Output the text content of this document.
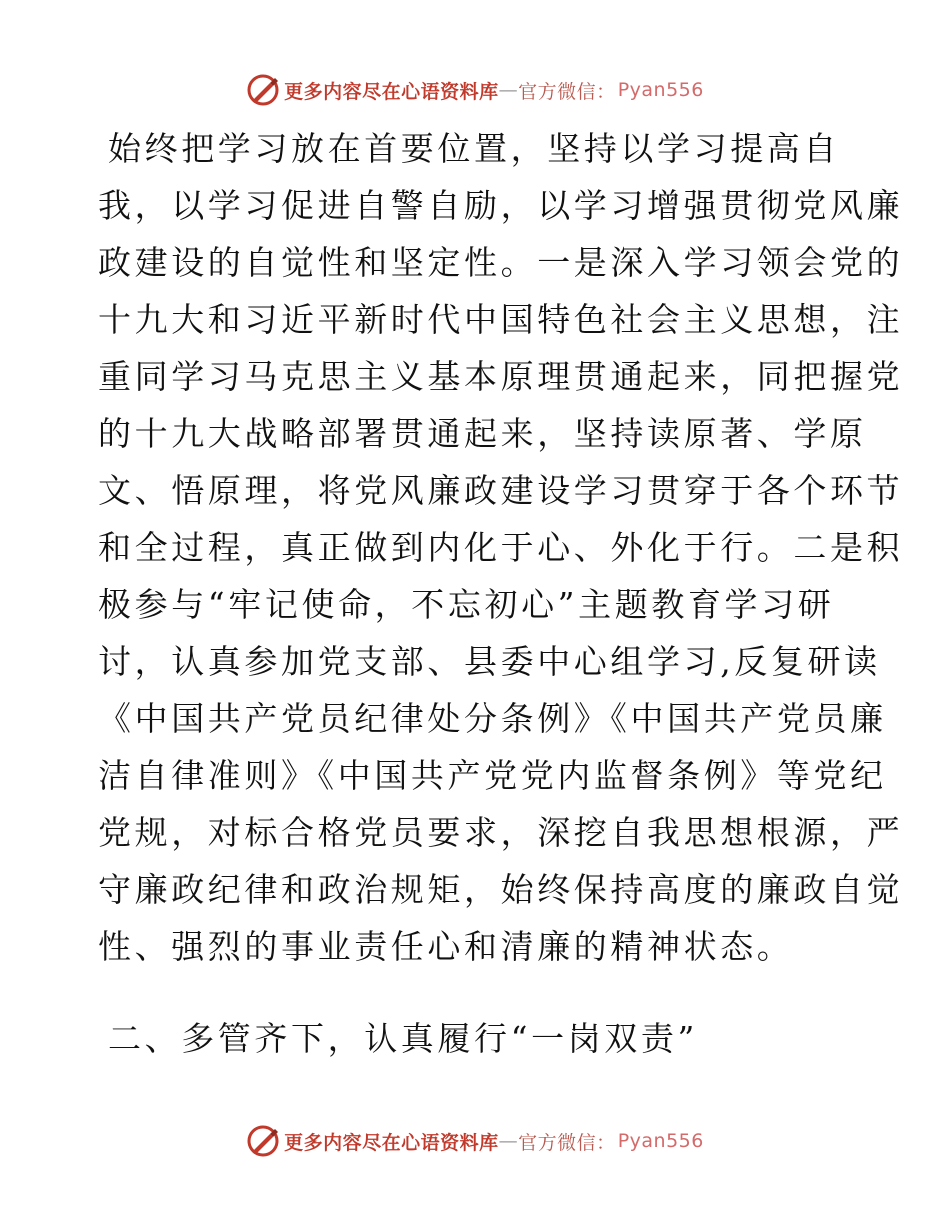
更多内容尽在心语资料库 — 官方微信： Pyan556
始终把学习放在首要位置，坚持以学习提高自
我，以学习促进自警自励，以学习增强贯彻党风廉
政建设的自觉性和坚定性。一是深入学习领会党的
十九大和习近平新时代中国特色社会主义思想，注
重同学习马克思主义基本原理贯通起来，同把握党
的十九大战略部署贯通起来，坚持读原著、学原
文、悟原理，将党风廉政建设学习贯穿于各个环节
和全过程，真正做到内化于心、外化于行。二是积
极参与“牢记使命，不忘初心”主题教育学习研
讨，认真参加党支部、县委中心组学习,反复研读
《中国共产党员纪律处分条例》《中国共产党员廉
洁自律准则》《中国共产党党内监督条例》等党纪
党规，对标合格党员要求，深挖自我思想根源，严
守廉政纪律和政治规矩，始终保持高度的廉政自觉
性、强烈的事业责任心和清廉的精神状态。
二、多管齐下，认真履行“一岗双责”
更多内容尽在心语资料库 — 官方微信： Pyan556
